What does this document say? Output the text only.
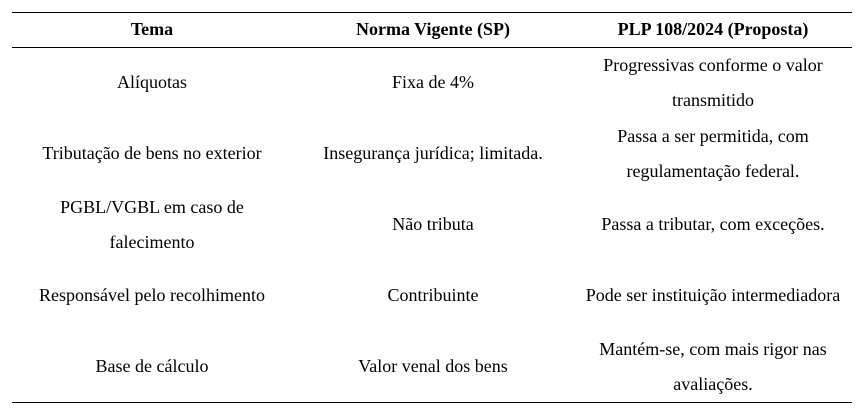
Tema	Norma Vigente (SP)	PLP 108/2024 (Proposta)
Alíquotas	Fixa de 4%	Progressivas conforme o valor transmitido
Tributação de bens no exterior	Insegurança jurídica; limitada.	Passa a ser permitida, com regulamentação federal.
PGBL/VGBL em caso de falecimento	Não tributa	Passa a tributar, com exceções.
Responsável pelo recolhimento	Contribuinte	Pode ser instituição intermediadora
Base de cálculo	Valor venal dos bens	Mantém-se, com mais rigor nas avaliações.
